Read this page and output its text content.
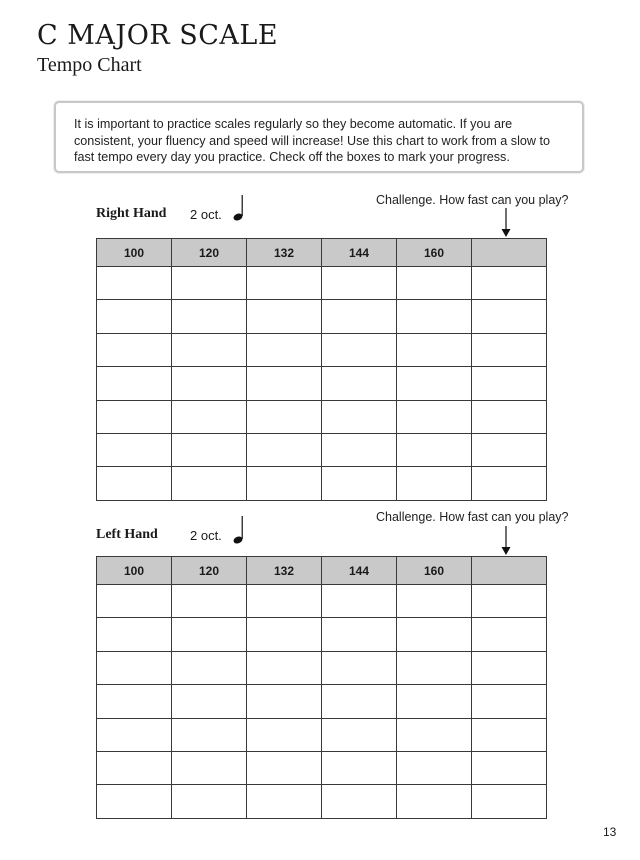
C MAJOR SCALE
Tempo Chart

It is important to practice scales regularly so they become automatic. If you are consistent, your fluency and speed will increase! Use this chart to work from a slow to fast tempo every day you practice. Check off the boxes to mark your progress.

Challenge. How fast can you play?
Right Hand 2 oct.
100	120	132	144	160	

Challenge. How fast can you play?
Left Hand 2 oct.
100	120	132	144	160	

13
